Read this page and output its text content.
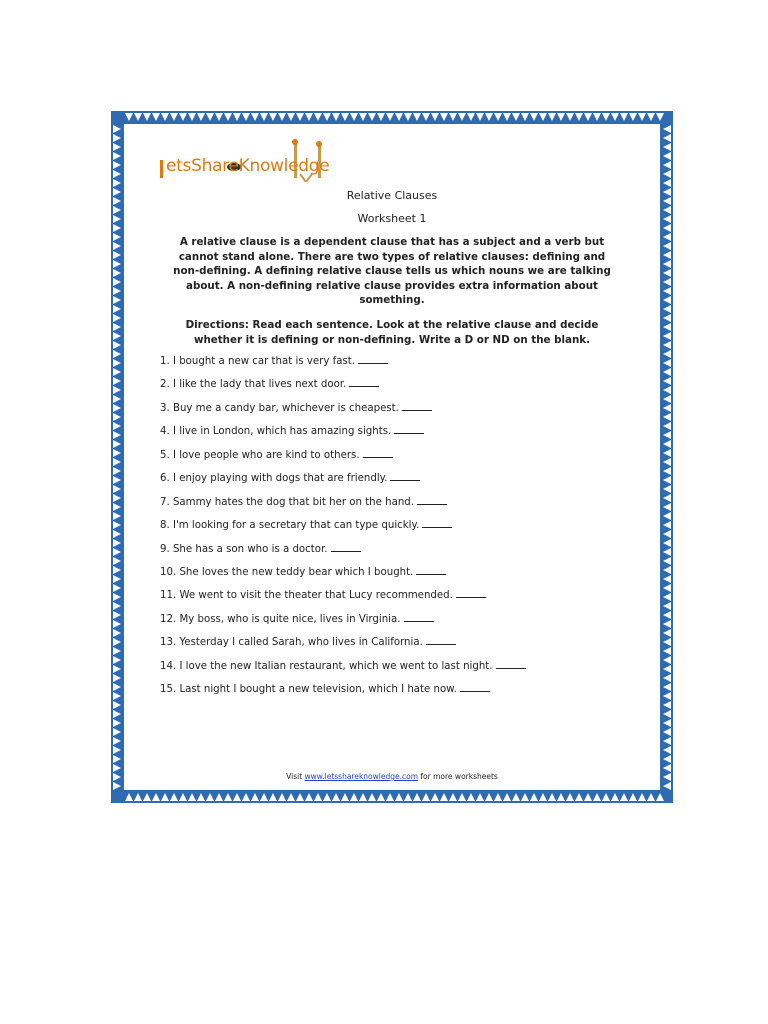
etsShareKnowledge
Relative Clauses
Worksheet 1
A relative clause is a dependent clause that has a subject and a verb but cannot stand alone. There are two types of relative clauses: defining and non-defining. A defining relative clause tells us which nouns we are talking about. A non-defining relative clause provides extra information about something.
Directions: Read each sentence. Look at the relative clause and decide whether it is defining or non-defining. Write a D or ND on the blank.
1. I bought a new car that is very fast.
2. I like the lady that lives next door.
3. Buy me a candy bar, whichever is cheapest.
4. I live in London, which has amazing sights.
5. I love people who are kind to others.
6. I enjoy playing with dogs that are friendly.
7. Sammy hates the dog that bit her on the hand.
8. I'm looking for a secretary that can type quickly.
9. She has a son who is a doctor.
10. She loves the new teddy bear which I bought.
11. We went to visit the theater that Lucy recommended.
12. My boss, who is quite nice, lives in Virginia.
13. Yesterday I called Sarah, who lives in California.
14. I love the new Italian restaurant, which we went to last night.
15. Last night I bought a new television, which I hate now.
Visit www.letsshareknowledge.com for more worksheets
